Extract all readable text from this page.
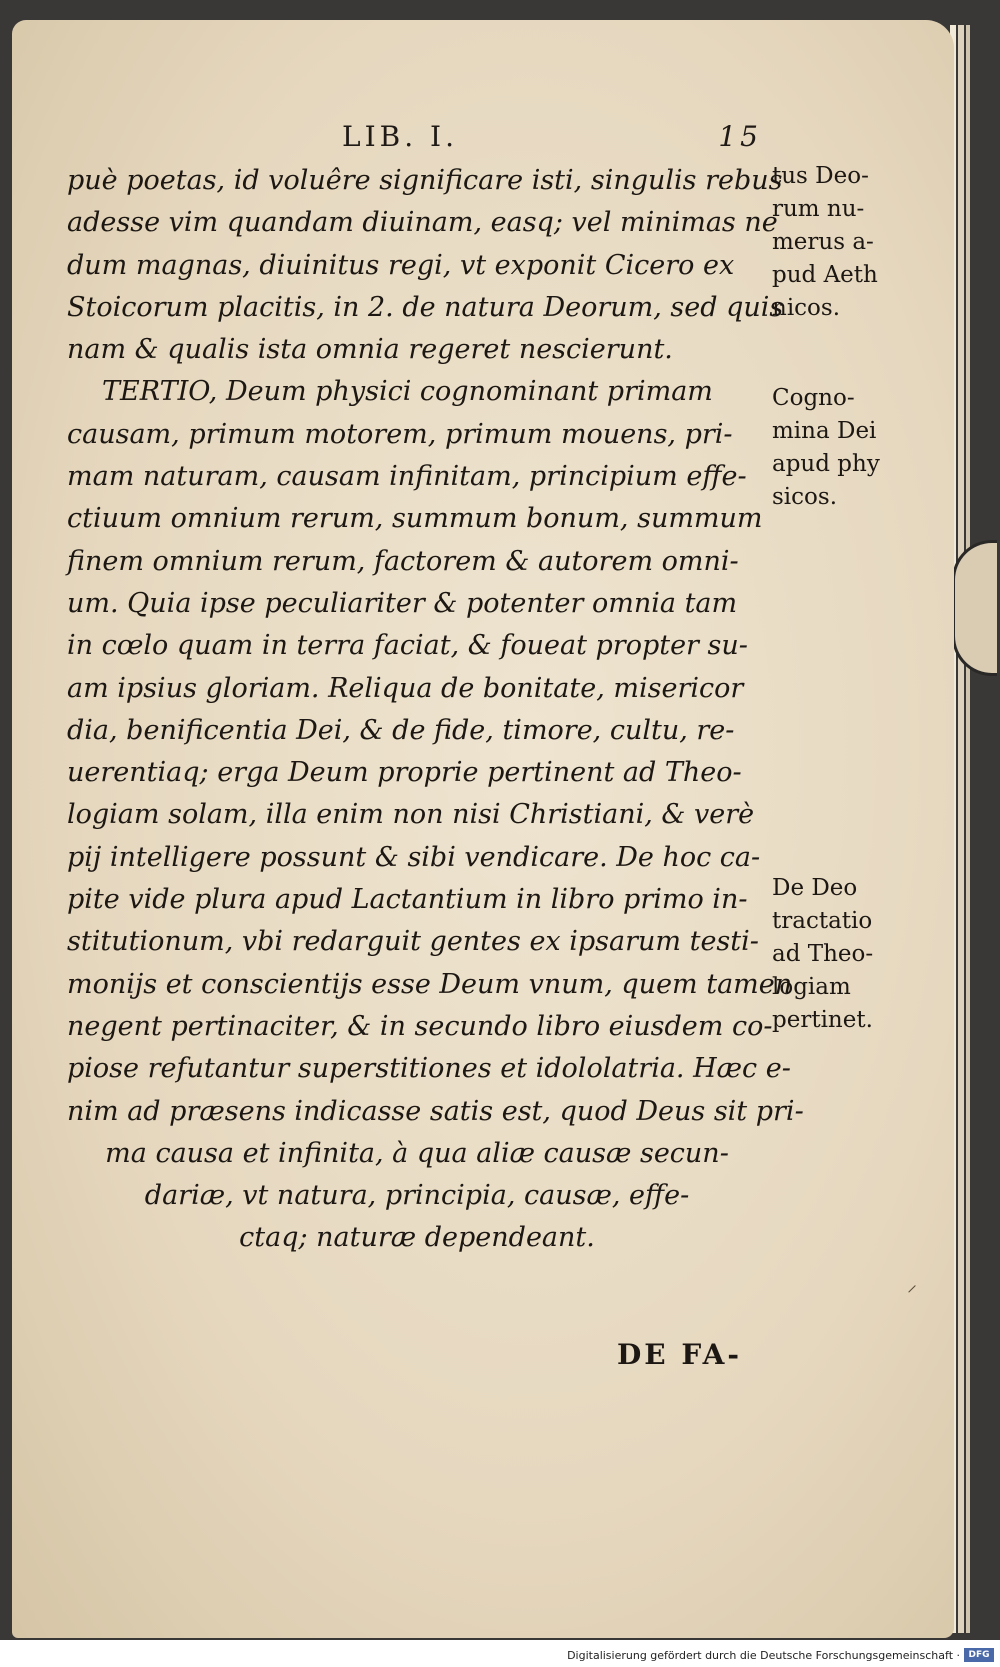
LIB. I.	15
puè poetas, id voluêre significare isti, singulis rebus
adesse vim quandam diuinam, easq; vel minimas ne
dum magnas, diuinitus regi, vt exponit Cicero ex
Stoicorum placitis, in 2. de natura Deorum, sed quis
nam & qualis ista omnia regeret nescierunt.
TERTIO, Deum physici cognominant primam
causam, primum motorem, primum mouens, pri-
mam naturam, causam infinitam, principium effe-
ctiuum omnium rerum, summum bonum, summum
finem omnium rerum, factorem & autorem omni-
um. Quia ipse peculiariter & potenter omnia tam
in cœlo quam in terra faciat, & foueat propter su-
am ipsius gloriam. Reliqua de bonitate, misericor
dia, benificentia Dei, & de fide, timore, cultu, re-
uerentiaq; erga Deum proprie pertinent ad Theo-
logiam solam, illa enim non nisi Christiani, & verè
pij intelligere possunt & sibi vendicare. De hoc ca-
pite vide plura apud Lactantium in libro primo in-
stitutionum, vbi redarguit gentes ex ipsarum testi-
monijs et conscientijs esse Deum vnum, quem tamen
negent pertinaciter, & in secundo libro eiusdem co-
piose refutantur superstitiones et idololatria. Hæc e-
nim ad præsens indicasse satis est, quod Deus sit pri-
ma causa et infinita, à qua aliæ causæ secun-
dariæ, vt natura, principia, causæ, effe-
ctaq; naturæ dependeant.
tus Deo-
rum nu-
merus a-
pud Aeth
nicos.
Cogno-
mina Dei
apud phy
sicos.
De Deo
tractatio
ad Theo-
logiam
pertinet.
DE FA-
⸝
Digitalisierung gefördert durch die Deutsche Forschungsgemeinschaft · DFG
